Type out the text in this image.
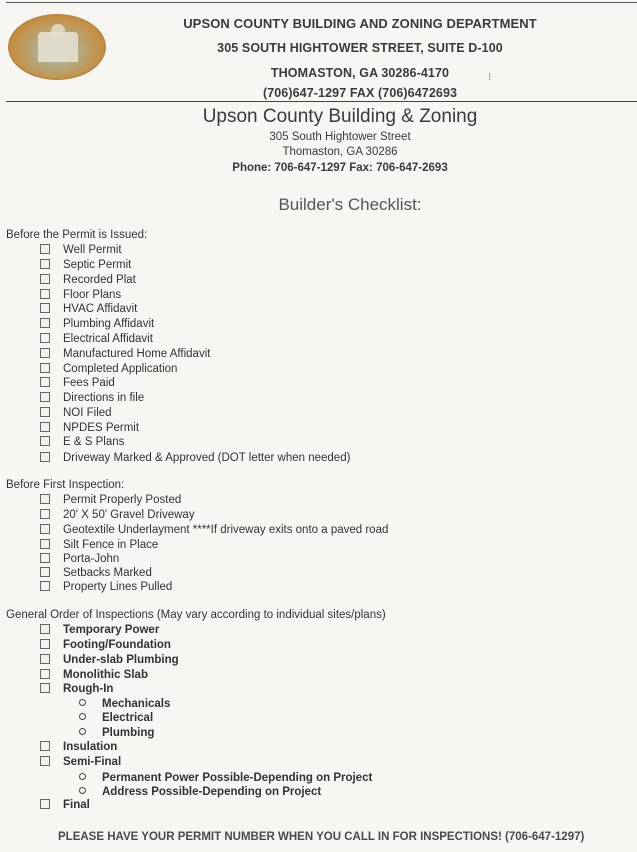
UPSON COUNTY BUILDING AND ZONING DEPARTMENT
305 SOUTH HIGHTOWER STREET, SUITE D-100
THOMASTON, GA 30286-4170	⁝
(706)647-1297 FAX (706)6472693
Upson County Building & Zoning
305 South Hightower Street
Thomaston, GA 30286
Phone: 706-647-1297 Fax: 706-647-2693
Builder's Checklist:
Before the Permit is Issued:
Well Permit
Septic Permit
Recorded Plat
Floor Plans
HVAC Affidavit
Plumbing Affidavit
Electrical Affidavit
Manufactured Home Affidavit
Completed Application
Fees Paid
Directions in file
NOI Filed
NPDES Permit
E & S Plans
Driveway Marked & Approved (DOT letter when needed)
Before First Inspection:
Permit Properly Posted
20' X 50' Gravel Driveway
Geotextile Underlayment ****If driveway exits onto a paved road
Silt Fence in Place
Porta-John
Setbacks Marked
Property Lines Pulled
General Order of Inspections (May vary according to individual sites/plans)
Temporary Power
Footing/Foundation
Under-slab Plumbing
Monolithic Slab
Rough-In
Mechanicals
Electrical
Plumbing
Insulation
Semi-Final
Permanent Power Possible-Depending on Project
Address Possible-Depending on Project
Final
PLEASE HAVE YOUR PERMIT NUMBER WHEN YOU CALL IN FOR INSPECTIONS! (706-647-1297)
